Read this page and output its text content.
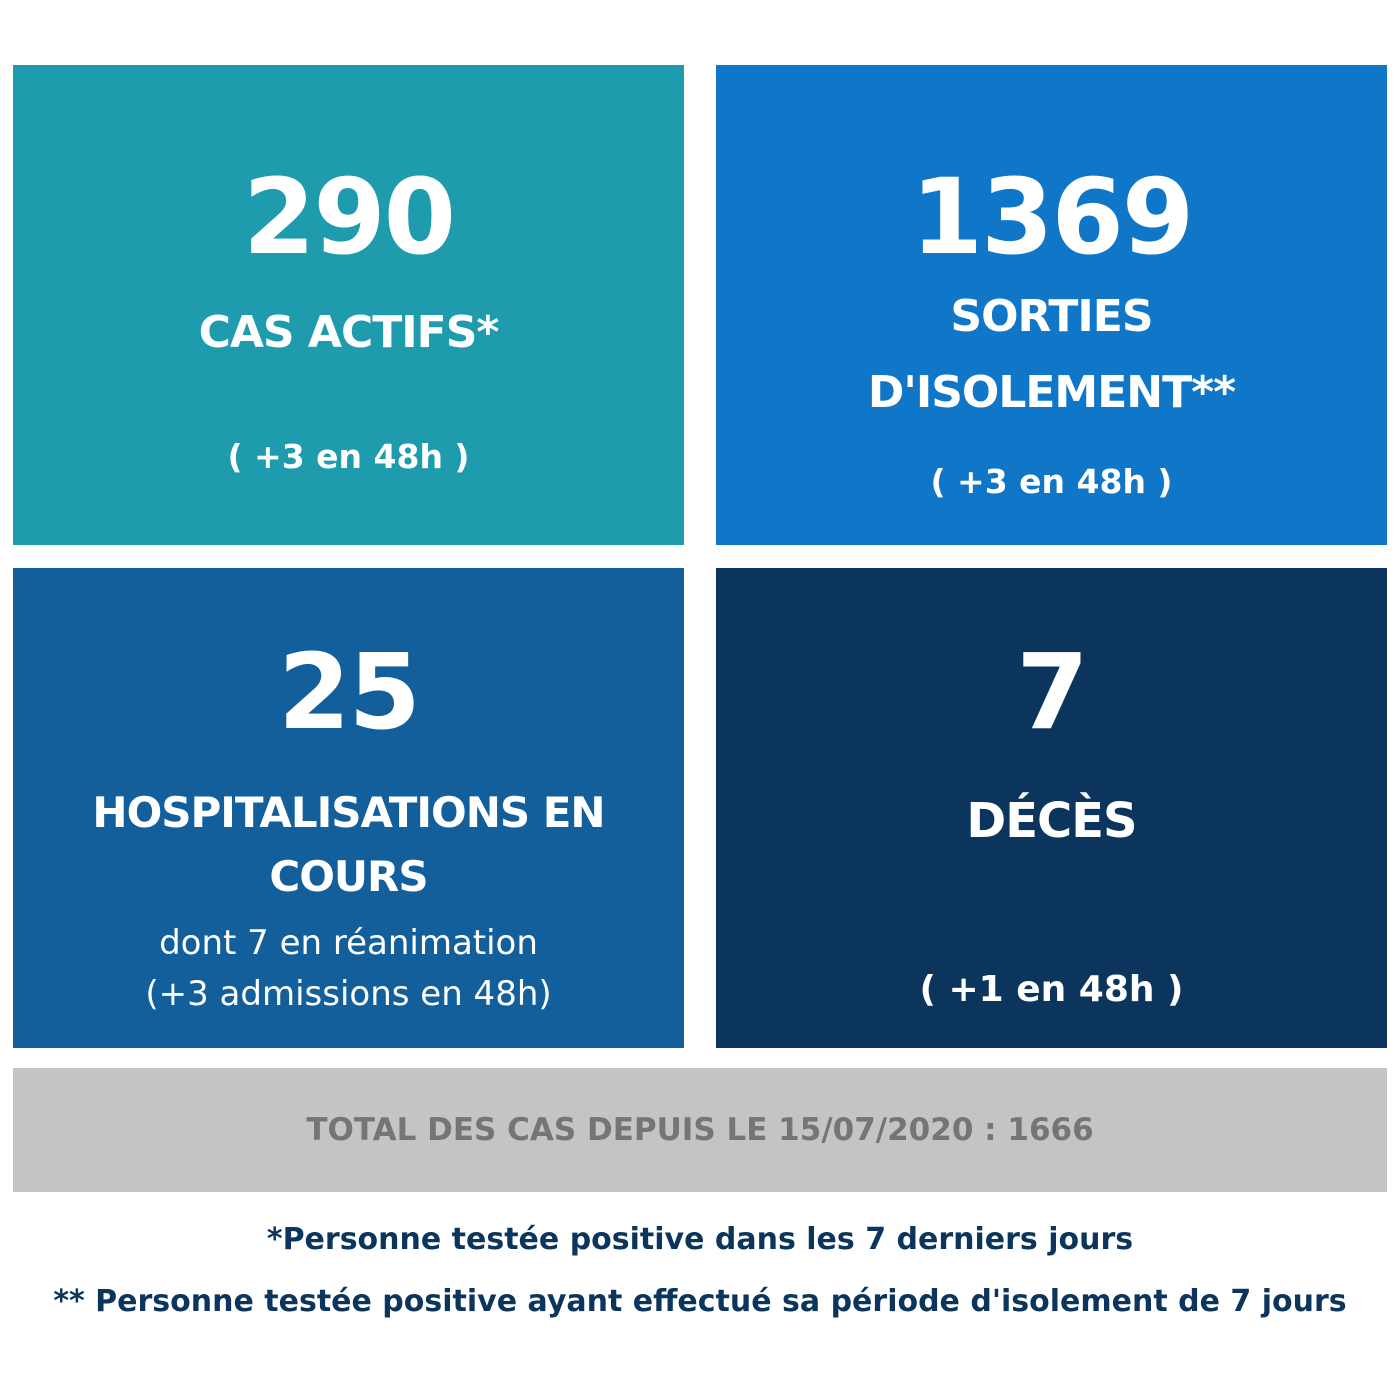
290
CAS ACTIFS*
( +3 en 48h )
1369
SORTIES
D'ISOLEMENT**
( +3 en 48h )
25
HOSPITALISATIONS EN
COURS
dont 7 en réanimation
(+3 admissions en 48h)
7
DÉCÈS
( +1 en 48h )
TOTAL DES CAS DEPUIS LE 15/07/2020 : 1666
*Personne testée positive dans les 7 derniers jours
** Personne testée positive ayant effectué sa période d'isolement de 7 jours
